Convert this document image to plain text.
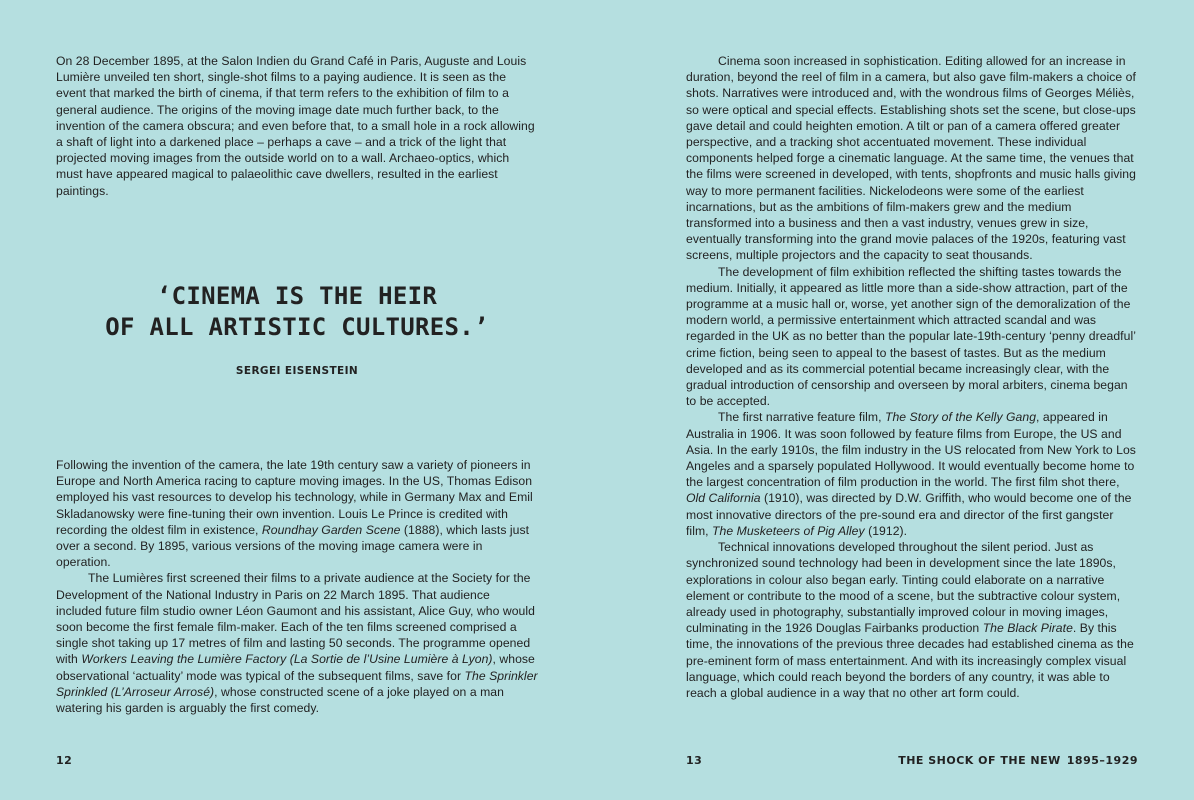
On 28 December 1895, at the Salon Indien du Grand Café in Paris, Auguste and Louis Lumière unveiled ten short, single-shot films to a paying audience. It is seen as the event that marked the birth of cinema, if that term refers to the exhibition of film to a general audience. The origins of the moving image date much further back, to the invention of the camera obscura; and even before that, to a small hole in a rock allowing a shaft of light into a darkened place – perhaps a cave – and a trick of the light that projected moving images from the outside world on to a wall. Archaeo-optics, which must have appeared magical to palaeolithic cave dwellers, resulted in the earliest paintings.

‘CINEMA IS THE HEIR
OF ALL ARTISTIC CULTURES.’
SERGEI EISENSTEIN

Following the invention of the camera, the late 19th century saw a variety of pioneers in Europe and North America racing to capture moving images. In the US, Thomas Edison employed his vast resources to develop his technology, while in Germany Max and Emil Skladanowsky were fine-tuning their own invention. Louis Le Prince is credited with recording the oldest film in existence, Roundhay Garden Scene (1888), which lasts just over a second. By 1895, various versions of the moving image camera were in operation.

The Lumières first screened their films to a private audience at the Society for the Development of the National Industry in Paris on 22 March 1895. That audience included future film studio owner Léon Gaumont and his assistant, Alice Guy, who would soon become the first female film-maker. Each of the ten films screened comprised a single shot taking up 17 metres of film and lasting 50 seconds. The programme opened with Workers Leaving the Lumière Factory (La Sortie de l’Usine Lumière à Lyon), whose observational ‘actuality’ mode was typical of the subsequent films, save for The Sprinkler Sprinkled (L’Arroseur Arrosé), whose constructed scene of a joke played on a man watering his garden is arguably the first comedy.

12

Cinema soon increased in sophistication. Editing allowed for an increase in duration, beyond the reel of film in a camera, but also gave film-makers a choice of shots. Narratives were introduced and, with the wondrous films of Georges Méliès, so were optical and special effects. Establishing shots set the scene, but close-ups gave detail and could heighten emotion. A tilt or pan of a camera offered greater perspective, and a tracking shot accentuated movement. These individual components helped forge a cinematic language. At the same time, the venues that the films were screened in developed, with tents, shopfronts and music halls giving way to more permanent facilities. Nickelodeons were some of the earliest incarnations, but as the ambitions of film-makers grew and the medium transformed into a business and then a vast industry, venues grew in size, eventually transforming into the grand movie palaces of the 1920s, featuring vast screens, multiple projectors and the capacity to seat thousands.

The development of film exhibition reflected the shifting tastes towards the medium. Initially, it appeared as little more than a side-show attraction, part of the programme at a music hall or, worse, yet another sign of the demoralization of the modern world, a permissive entertainment which attracted scandal and was regarded in the UK as no better than the popular late-19th-century ‘penny dreadful’ crime fiction, being seen to appeal to the basest of tastes. But as the medium developed and as its commercial potential became increasingly clear, with the gradual introduction of censorship and overseen by moral arbiters, cinema began to be accepted.

The first narrative feature film, The Story of the Kelly Gang, appeared in Australia in 1906. It was soon followed by feature films from Europe, the US and Asia. In the early 1910s, the film industry in the US relocated from New York to Los Angeles and a sparsely populated Hollywood. It would eventually become home to the largest concentration of film production in the world. The first film shot there, Old California (1910), was directed by D.W. Griffith, who would become one of the most innovative directors of the pre-sound era and director of the first gangster film, The Musketeers of Pig Alley (1912).

Technical innovations developed throughout the silent period. Just as synchronized sound technology had been in development since the late 1890s, explorations in colour also began early. Tinting could elaborate on a narrative element or contribute to the mood of a scene, but the subtractive colour system, already used in photography, substantially improved colour in moving images, culminating in the 1926 Douglas Fairbanks production The Black Pirate. By this time, the innovations of the previous three decades had established cinema as the pre-eminent form of mass entertainment. And with its increasingly complex visual language, which could reach beyond the borders of any country, it was able to reach a global audience in a way that no other art form could.

13	THE SHOCK OF THE NEW 1895–1929
